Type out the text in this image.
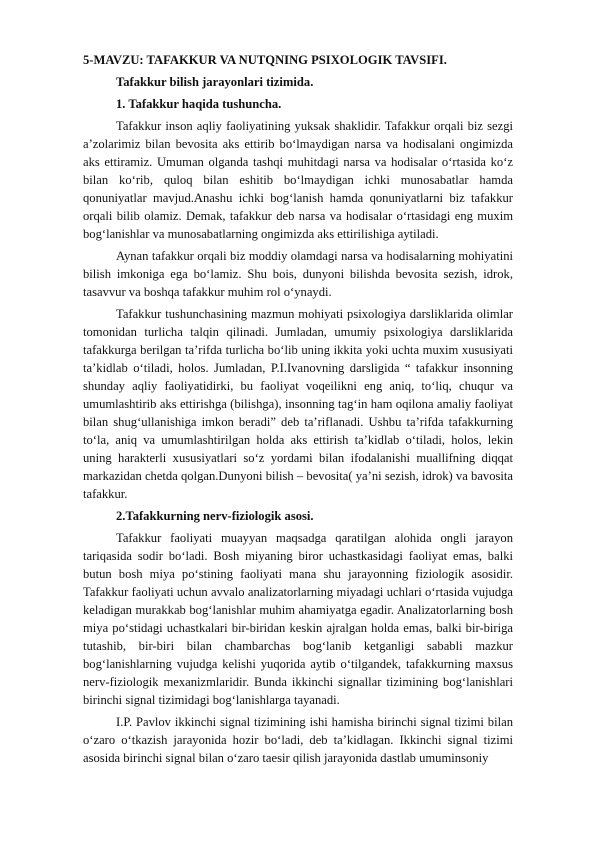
5-MAVZU: TAFAKKUR VA NUTQNING PSIXOLOGIK TAVSIFI.

Tafakkur bilish jarayonlari tizimida.

1. Tafakkur haqida tushuncha.

Tafakkur inson aqliy faoliyatining yuksak shaklidir. Tafakkur orqali biz sezgi a’zolarimiz bilan bevosita aks ettirib bo‘lmaydigan narsa va hodisalani ongimizda aks ettiramiz. Umuman olganda tashqi muhitdagi narsa va hodisalar o‘rtasida ko‘z bilan ko‘rib, quloq bilan eshitib bo‘lmaydigan ichki munosabatlar hamda qonuniyatlar mavjud.Anashu ichki bog‘lanish hamda qonuniyatlarni biz tafakkur orqali bilib olamiz. Demak, tafakkur deb narsa va hodisalar o‘rtasidagi eng muxim bog‘lanishlar va munosabatlarning ongimizda aks ettirilishiga aytiladi.

Aynan tafakkur orqali biz moddiy olamdagi narsa va hodisalarning mohiyatini bilish imkoniga ega bo‘lamiz. Shu bois, dunyoni bilishda bevosita sezish, idrok, tasavvur va boshqa tafakkur muhim rol o‘ynaydi.

Tafakkur tushunchasining mazmun mohiyati psixologiya darsliklarida olimlar tomonidan turlicha talqin qilinadi. Jumladan, umumiy psixologiya darsliklarida tafakkurga berilgan ta’rifda turlicha bo‘lib uning ikkita yoki uchta muxim xususiyati ta’kidlab o‘tiladi, holos. Jumladan, P.I.Ivanovning darsligida “ tafakkur insonning shunday aqliy faoliyatidirki, bu faoliyat voqeilikni eng aniq, to‘liq, chuqur va umumlashtirib aks ettirishga (bilishga), insonning tag‘in ham oqilona amaliy faoliyat bilan shug‘ullanishiga imkon beradi” deb ta’riflanadi. Ushbu ta’rifda tafakkurning to‘la, aniq va umumlashtirilgan holda aks ettirish ta’kidlab o‘tiladi, holos, lekin uning harakterli xususiyatlari so‘z yordami bilan ifodalanishi muallifning diqqat markazidan chetda qolgan.Dunyoni bilish – bevosita( ya’ni sezish, idrok) va bavosita tafakkur.

2.Tafakkurning nerv-fiziologik asosi.

Tafakkur faoliyati muayyan maqsadga qaratilgan alohida ongli jarayon tariqasida sodir bo‘ladi. Bosh miyaning biror uchastkasidagi faoliyat emas, balki butun bosh miya po‘stining faoliyati mana shu jarayonning fiziologik asosidir. Tafakkur faoliyati uchun avvalo analizatorlarning miyadagi uchlari o‘rtasida vujudga keladigan murakkab bog‘lanishlar muhim ahamiyatga egadir. Analizatorlarning bosh miya po‘stidagi uchastkalari bir-biridan keskin ajralgan holda emas, balki bir-biriga tutashib, bir-biri bilan chambarchas bog‘lanib ketganligi sababli mazkur bog‘lanishlarning vujudga kelishi yuqorida aytib o‘tilgandek, tafakkurning maxsus nerv-fiziologik mexanizmlaridir. Bunda ikkinchi signallar tizimining bog‘lanishlari birinchi signal tizimidagi bog‘lanishlarga tayanadi.

I.P. Pavlov ikkinchi signal tizimining ishi hamisha birinchi signal tizimi bilan o‘zaro o‘tkazish jarayonida hozir bo‘ladi, deb ta’kidlagan. Ikkinchi signal tizimi asosida birinchi signal bilan o‘zaro taesir qilish jarayonida dastlab umuminsoniy
